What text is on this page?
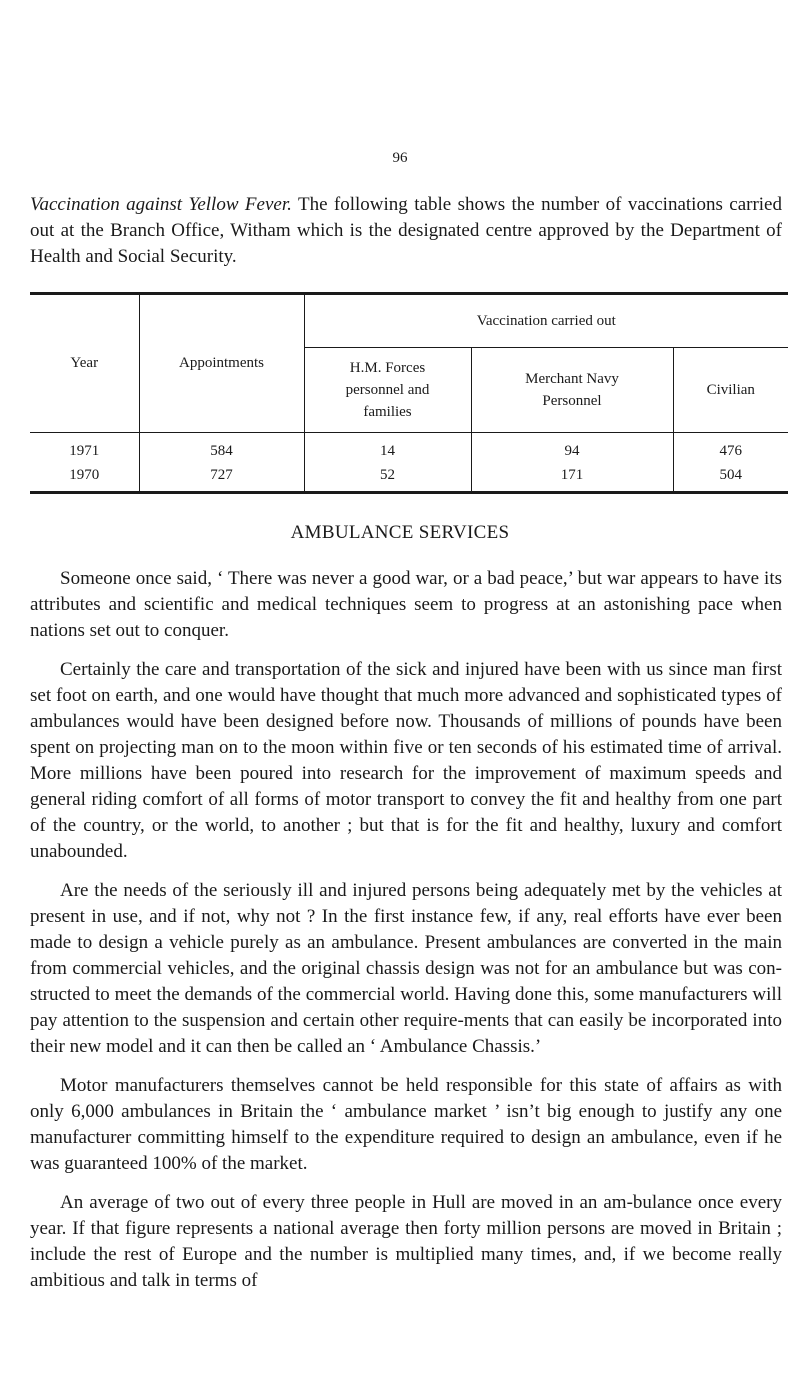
96

Vaccination against Yellow Fever. The following table shows the number of vaccinations carried out at the Branch Office, Witham which is the designated centre approved by the Department of Health and Social Security.

Year	Appointments	Vaccination carried out		
		H.M. Forces personnel and families	Merchant Navy Personnel	Civilian
1971	584	14	94	476
1970	727	52	171	504
AMBULANCE SERVICES

Someone once said, ‘ There was never a good war, or a bad peace,’ but war appears to have its attributes and scientific and medical techniques seem to progress at an astonishing pace when nations set out to conquer.

Certainly the care and transportation of the sick and injured have been with us since man first set foot on earth, and one would have thought that much more advanced and sophisticated types of ambulances would have been designed before now. Thousands of millions of pounds have been spent on projecting man on to the moon within five or ten seconds of his estimated time of arrival. More millions have been poured into research for the improvement of maximum speeds and general riding comfort of all forms of motor transport to convey the fit and healthy from one part of the country, or the world, to another ; but that is for the fit and healthy, luxury and comfort unabounded.

Are the needs of the seriously ill and injured persons being adequately met by the vehicles at present in use, and if not, why not ? In the first instance few, if any, real efforts have ever been made to design a vehicle purely as an ambulance. Present ambulances are converted in the main from commercial vehicles, and the original chassis design was not for an ambulance but was con-structed to meet the demands of the commercial world. Having done this, some manufacturers will pay attention to the suspension and certain other require-ments that can easily be incorporated into their new model and it can then be called an ‘ Ambulance Chassis.’

Motor manufacturers themselves cannot be held responsible for this state of affairs as with only 6,000 ambulances in Britain the ‘ ambulance market ’ isn’t big enough to justify any one manufacturer committing himself to the expenditure required to design an ambulance, even if he was guaranteed 100% of the market.

An average of two out of every three people in Hull are moved in an am-bulance once every year. If that figure represents a national average then forty million persons are moved in Britain ; include the rest of Europe and the number is multiplied many times, and, if we become really ambitious and talk in terms of
